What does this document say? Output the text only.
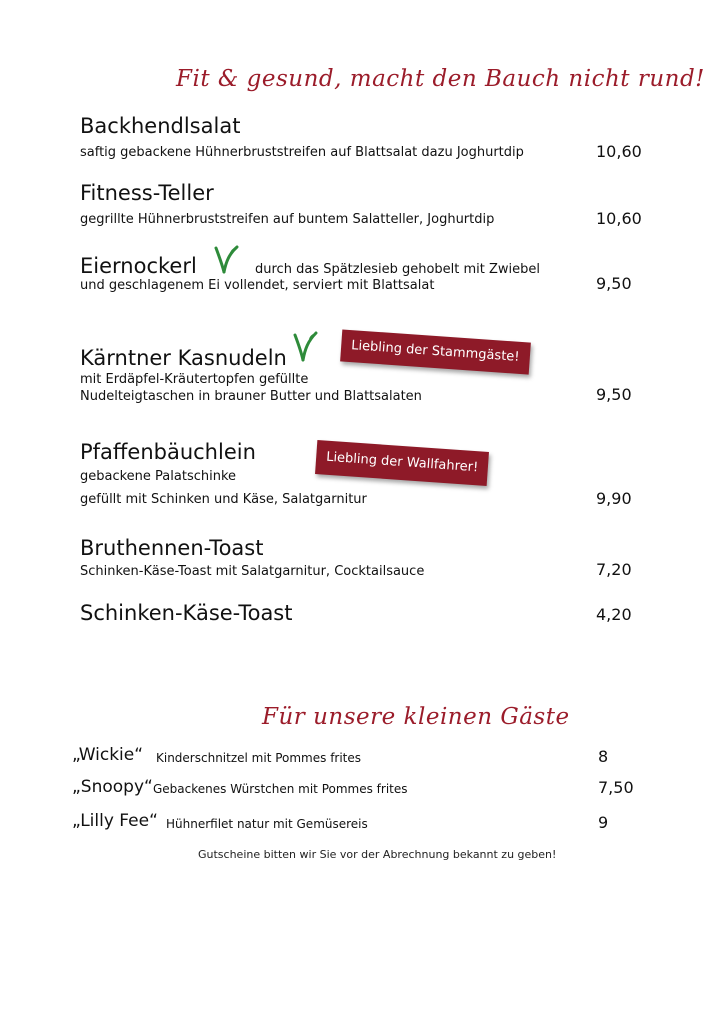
Fit & gesund, macht den Bauch nicht rund!
Backhendlsalat
saftig gebackene Hühnerbruststreifen auf Blattsalat dazu Joghurtdip	10,60
Fitness-Teller
gegrillte Hühnerbruststreifen auf buntem Salatteller, Joghurtdip	10,60
Eiernockerl	durch das Spätzlesieb gehobelt mit Zwiebel
und geschlagenem Ei vollendet, serviert mit Blattsalat	9,50
Kärntner Kasnudeln	Liebling der Stammgäste!
mit Erdäpfel-Kräutertopfen gefüllte
Nudelteigtaschen in brauner Butter und Blattsalaten	9,50
Pfaffenbäuchlein	Liebling der Wallfahrer!
gebackene Palatschinke
gefüllt mit Schinken und Käse, Salatgarnitur	9,90
Bruthennen-Toast
Schinken-Käse-Toast mit Salatgarnitur, Cocktailsauce	7,20
Schinken-Käse-Toast	4,20
Für unsere kleinen Gäste
„Wickie“ Kinderschnitzel mit Pommes frites	8
„Snoopy“ Gebackenes Würstchen mit Pommes frites	7,50
„Lilly Fee“ Hühnerfilet natur mit Gemüsereis	9
Gutscheine bitten wir Sie vor der Abrechnung bekannt zu geben!
